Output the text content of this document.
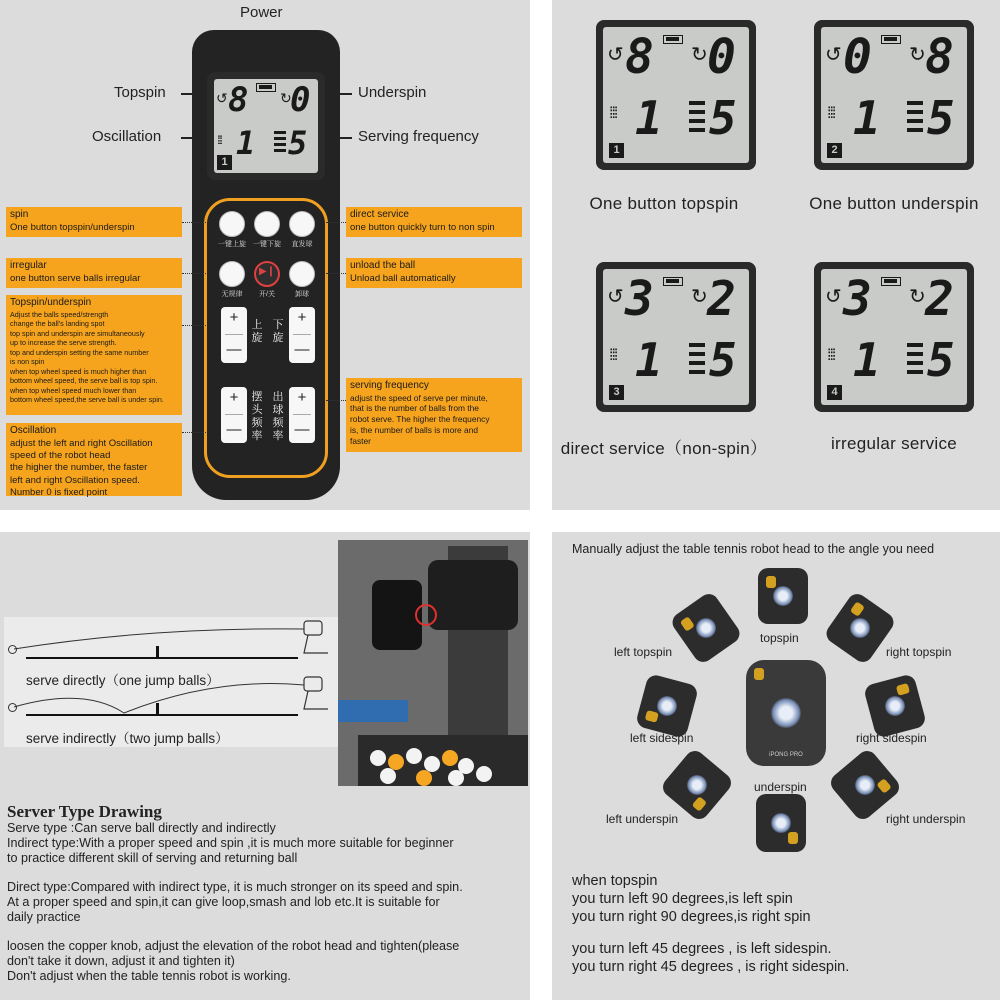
Power
Topspin	Underspin
Oscillation	Serving frequency
↺ 8 ↻
0
⁞⁞⁞ 1 5
1
一键上旋	一键下旋	直发球
无规律
▶❙	开/关	卸球
+
—
上旋
+
—
下旋
+
—
摆头频率
+
—
出球频率
spin
One button topspin/underspin
irregular
one button serve balls irregular
Topspin/underspin
Adjust the balls speed/strength
change the ball's landing spot
top spin and underspin are simultaneously
up to increase the serve strength.
top and underspin setting the same number
is non spin
when top wheel speed is much higher than
bottom wheel speed, the serve ball is top spin.
when top wheel speed much lower than
bottom wheel speed,the serve ball is under spin.
Oscillation
adjust the left and right Oscillation
speed of the robot head
the higher the number, the faster
left and right Oscillation speed.
Number 0 is fixed point
direct service
one button quickly turn to non spin
unload the ball
Unload ball automatically
serving frequency
adjust the speed of serve per minute,
that is the number of balls from the
robot serve. The higher the frequency
is, the number of balls is more and
faster
↺ 8 ↻ 0
⁞⁞⁞ 1 5
1
One button topspin
↺ 0 ↻ 8
⁞⁞⁞ 1 5
2
One button underspin
↺ 3 ↻ 2
⁞⁞⁞ 1 5
3
direct service（non-spin）
↺ 3 ↻ 2
⁞⁞⁞ 1 5
4
irregular service
serve directly（one jump balls）
serve indirectly（two jump balls）
Server Type Drawing
Serve type :Can serve ball directly and indirectly
Indirect type:With a proper speed and spin ,it is much more suitable for beginner
to practice different skill of serving and returning ball
Direct type:Compared with indirect type, it is much stronger on its speed and spin.
At a proper speed and spin,it can give loop,smash and lob etc.It is suitable for
daily practice
loosen the copper knob, adjust the elevation of the robot head and tighten(please
don't take it down, adjust it and tighten it)
Don't adjust when the table tennis robot is working.
Manually adjust the table tennis robot head to the angle you need
iPONG PRO
topspin
left topspin	right topspin
left sidespin	right sidespin
underspin
left underspin	right underspin
when topspin
you turn left 90 degrees,is left spin
you turn right 90 degrees,is right spin
you turn left 45 degrees , is left sidespin.
you turn right 45 degrees , is right sidespin.
